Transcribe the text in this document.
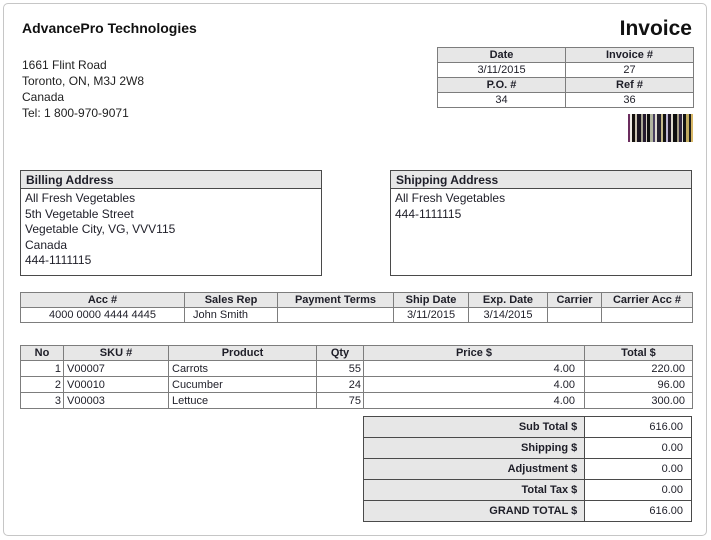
AdvancePro Technologies
1661 Flint Road
Toronto, ON, M3J 2W8
Canada
Tel: 1 800-970-9071
Invoice
Date	Invoice #
3/11/2015	27
P.O. #	Ref #
34	36
Billing Address
All Fresh Vegetables
5th Vegetable Street
Vegetable City, VG, VVV115
Canada
444-1111115
Shipping Address
All Fresh Vegetables
444-1111115
Acc #	Sales Rep	Payment Terms	Ship Date	Exp. Date	Carrier	Carrier Acc #
4000 0000 4444 4445	John Smith		3/11/2015	3/14/2015		
No	SKU #	Product	Qty	Price $	Total $
1	V00007	Carrots	55	4.00	220.00
2	V00010	Cucumber	24	4.00	96.00
3	V00003	Lettuce	75	4.00	300.00
Sub Total $	616.00
Shipping $	0.00
Adjustment $	0.00
Total Tax $	0.00
GRAND TOTAL $	616.00
